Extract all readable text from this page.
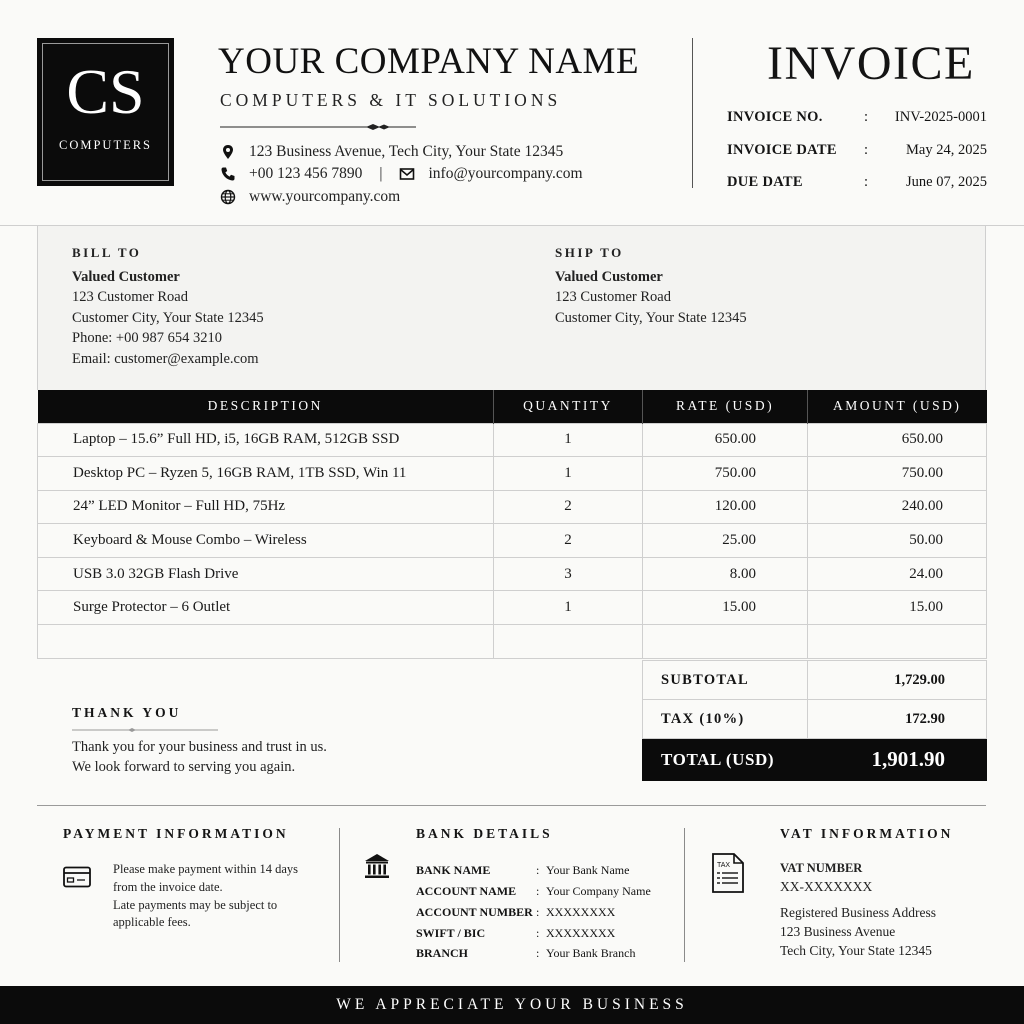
CS
COMPUTERS
YOUR COMPANY NAME
COMPUTERS & IT SOLUTIONS
123 Business Avenue, Tech City, Your State 12345
+00 123 456 7890 |	info@yourcompany.com
www.yourcompany.com
INVOICE
INVOICE NO.	: INV-2025-0001
INVOICE DATE :	May 24, 2025
DUE DATE	:	June 07, 2025
BILL TO
Valued Customer
123 Customer Road
Customer City, Your State 12345
Phone: +00 987 654 3210
Email: customer@example.com
SHIP TO
Valued Customer
123 Customer Road
Customer City, Your State 12345
DESCRIPTION	QUANTITY	RATE (USD)	AMOUNT (USD)
Laptop – 15.6” Full HD, i5, 16GB RAM, 512GB SSD	1	650.00	650.00
Desktop PC – Ryzen 5, 16GB RAM, 1TB SSD, Win 11	1	750.00	750.00
24” LED Monitor – Full HD, 75Hz	2	120.00	240.00
Keyboard & Mouse Combo – Wireless	2	25.00	50.00
USB 3.0 32GB Flash Drive	3	8.00	24.00
Surge Protector – 6 Outlet	1	15.00	15.00

SUBTOTAL	1,729.00
TAX (10%)	172.90
TOTAL (USD)	1,901.90
THANK YOU
Thank you for your business and trust in us.
We look forward to serving you again.
PAYMENT INFORMATION
Please make payment within 14 days
from the invoice date.
Late payments may be subject to
applicable fees.
BANK DETAILS
BANK NAME	: Your Bank Name
ACCOUNT NAME : Your Company Name
ACCOUNT NUMBER : XXXXXXXX
SWIFT / BIC	: XXXXXXXX
BRANCH	: Your Bank Branch
VAT INFORMATION
TAX	VAT NUMBER
XX-XXXXXXX
Registered Business Address
123 Business Avenue
Tech City, Your State 12345
WE APPRECIATE YOUR BUSINESS
